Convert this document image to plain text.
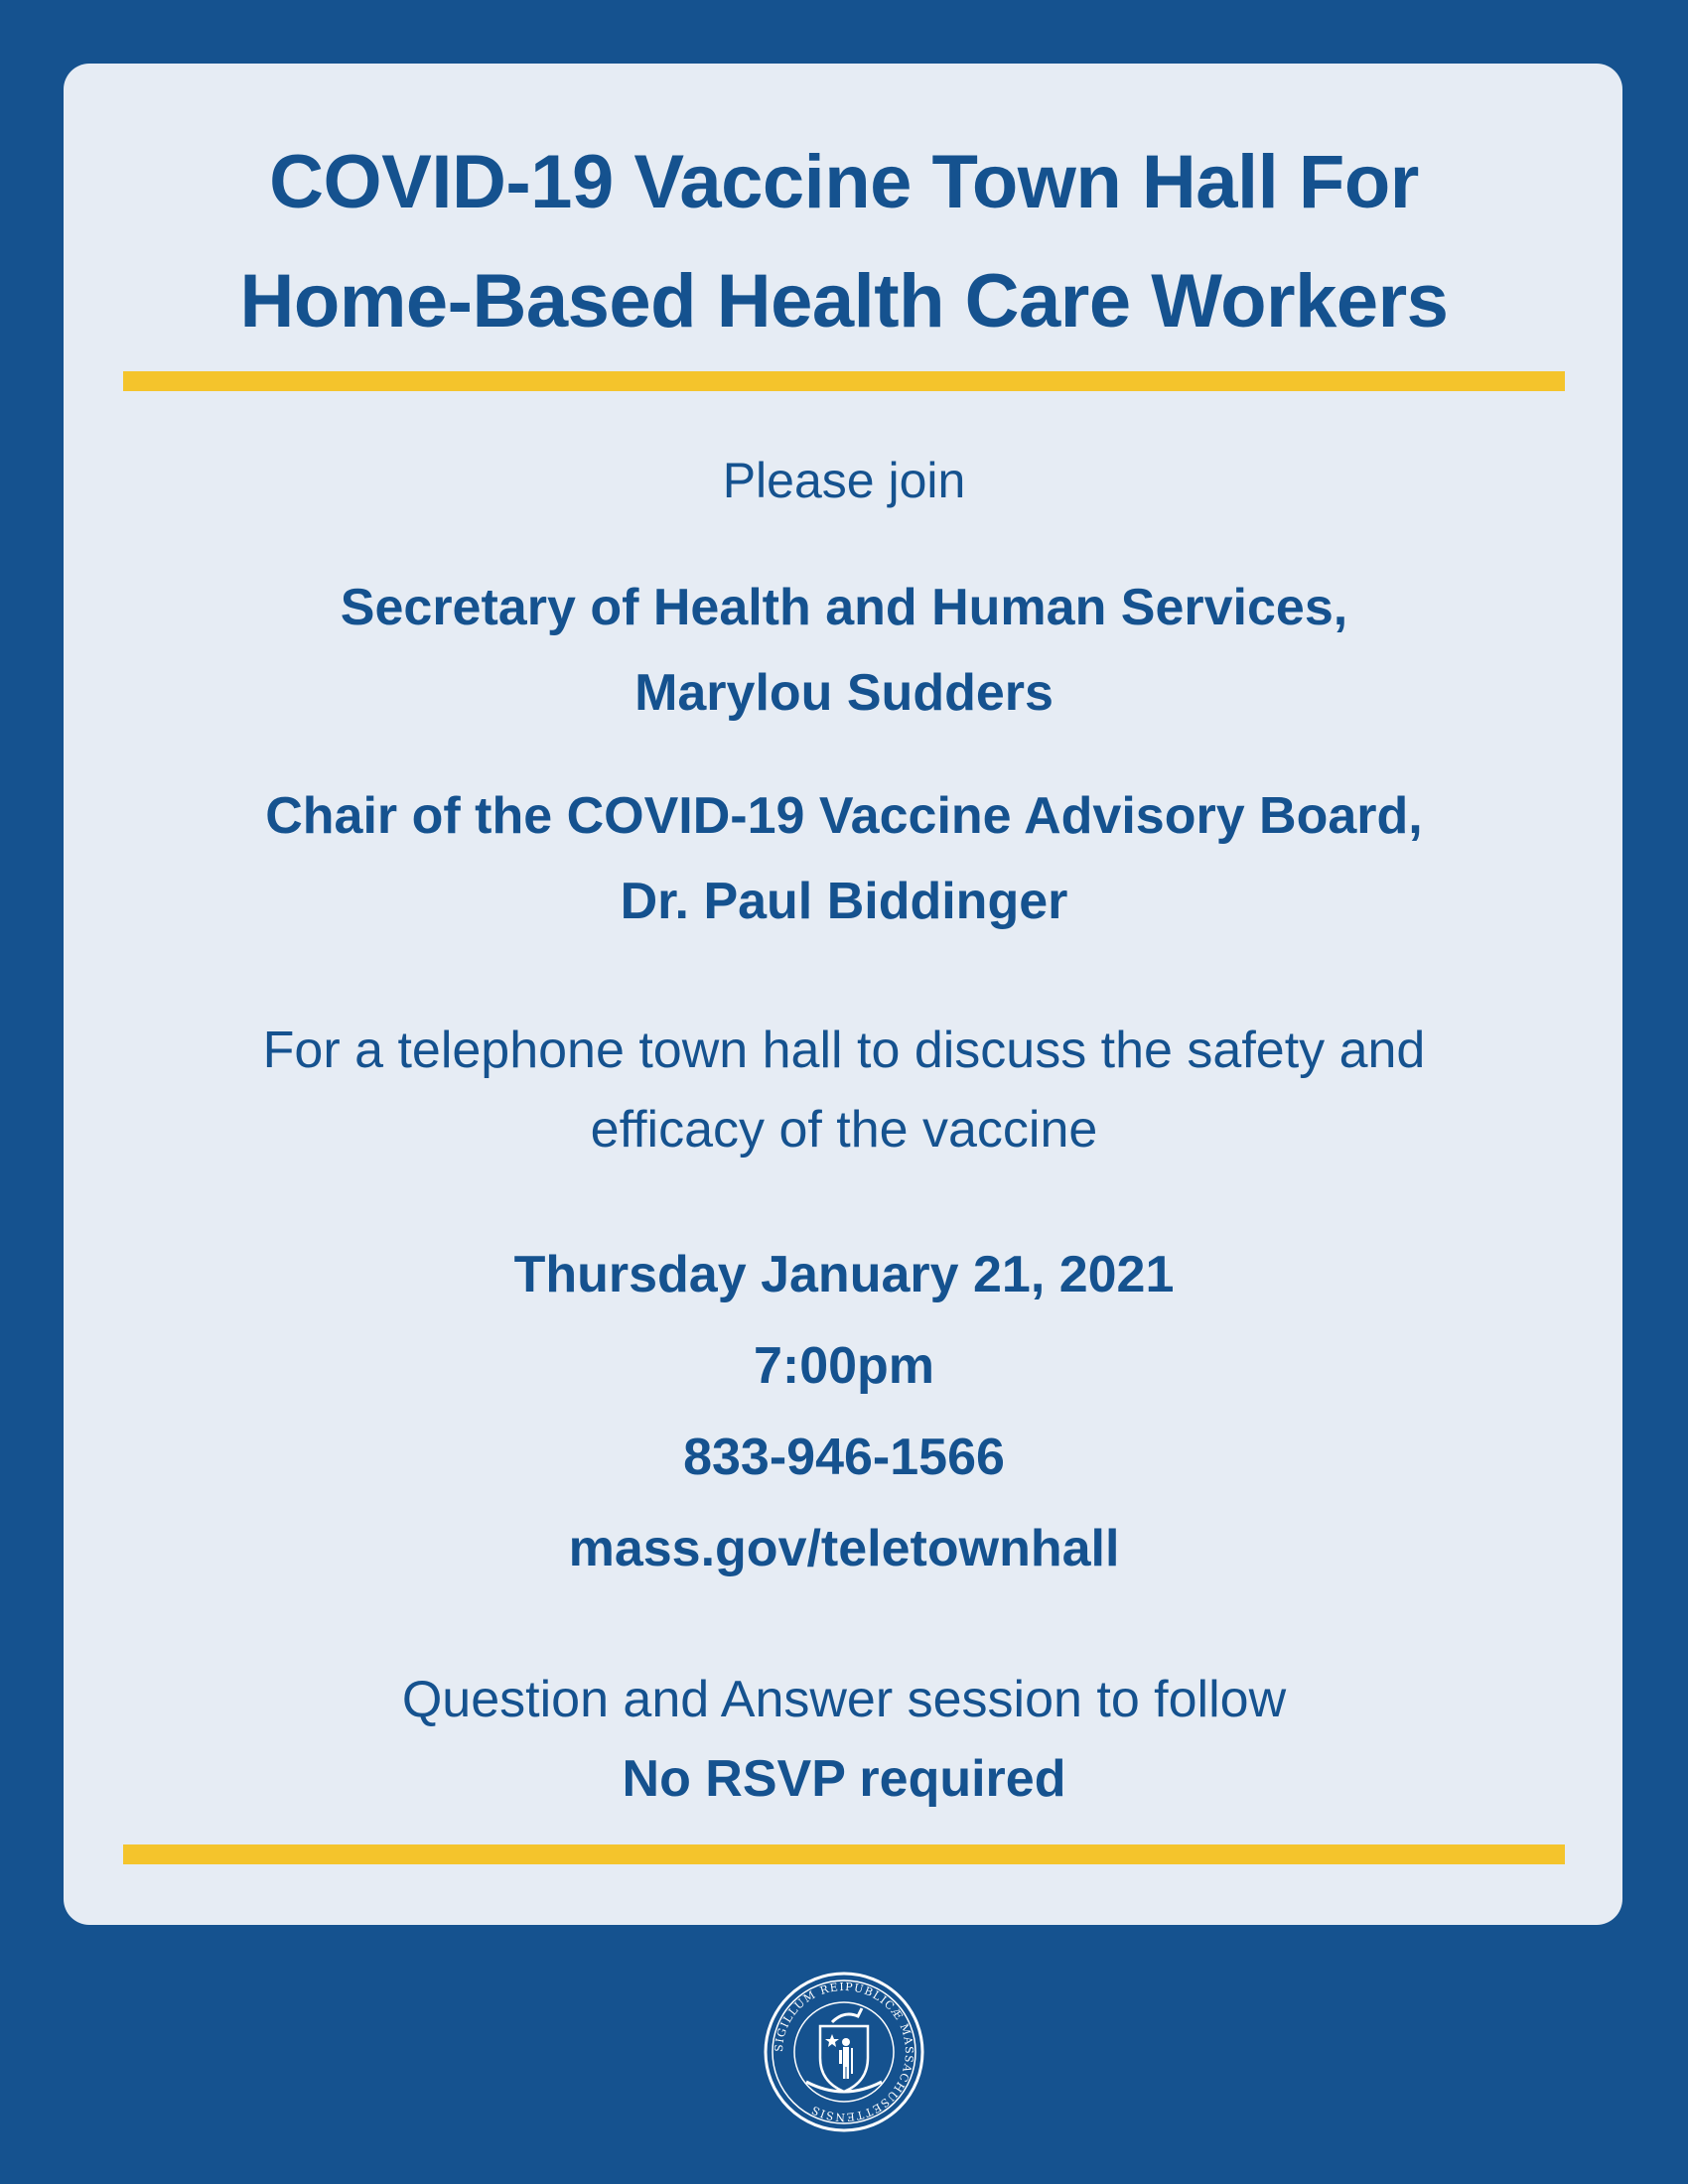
COVID-19 Vaccine Town Hall For
Home-Based Health Care Workers
Please join
Secretary of Health and Human Services,
Marylou Sudders
Chair of the COVID-19 Vaccine Advisory Board,
Dr. Paul Biddinger
For a telephone town hall to discuss the safety and
efficacy of the vaccine
Thursday January 21, 2021
7:00pm
833-946-1566
mass.gov/teletownhall
Question and Answer session to follow
No RSVP required
SIGILLUM REIPUBLICÆ MASSACHUSETTENSIS
